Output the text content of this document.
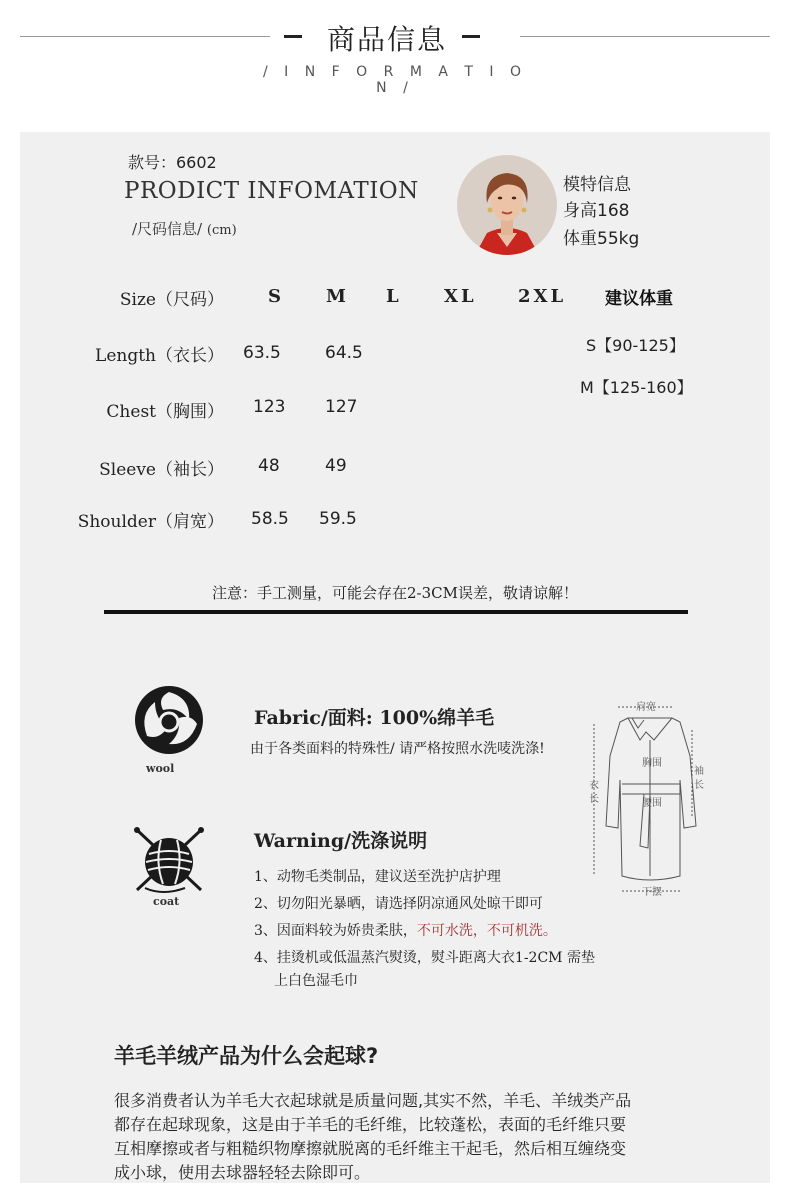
商品信息
/ I N F O R M A T I O N /
款号：6602
PRODICT INFOMATION
/尺码信息/ (cm)
模特信息
身高168
体重55kg
Size（尺码） S	M L	XL 2XL
Length（衣长） 63.5	64.5
Chest（胸围） 123 127
Sleeve（袖长） 48	49
Shoulder（肩宽） 58.5 59.5
建议体重
S【90-125】
M【125-160】
注意：手工测量，可能会存在2-3CM误差，敬请谅解！
wool
coat
Fabric/面料: 100%绵羊毛
由于各类面料的特殊性/ 请严格按照水洗唛洗涤!
Warning/洗涤说明
1、动物毛类制品，建议送至洗护店护理
2、切勿阳光暴晒，请选择阴凉通风处晾干即可
3、因面料较为娇贵柔肤，不可水洗，不可机洗。
4、挂烫机或低温蒸汽熨烫，熨斗距离大衣1-2CM 需垫
上白色湿毛巾
肩宽
胸围
腰围
下摆
衣
长
袖
长
羊毛羊绒产品为什么会起球?
很多消费者认为羊毛大衣起球就是质量问题,其实不然，羊毛、羊绒类产品
都存在起球现象，这是由于羊毛的毛纤维，比较蓬松，表面的毛纤维只要
互相摩擦或者与粗糙织物摩擦就脱离的毛纤维主干起毛，然后相互缠绕变
成小球，使用去球器轻轻去除即可。
